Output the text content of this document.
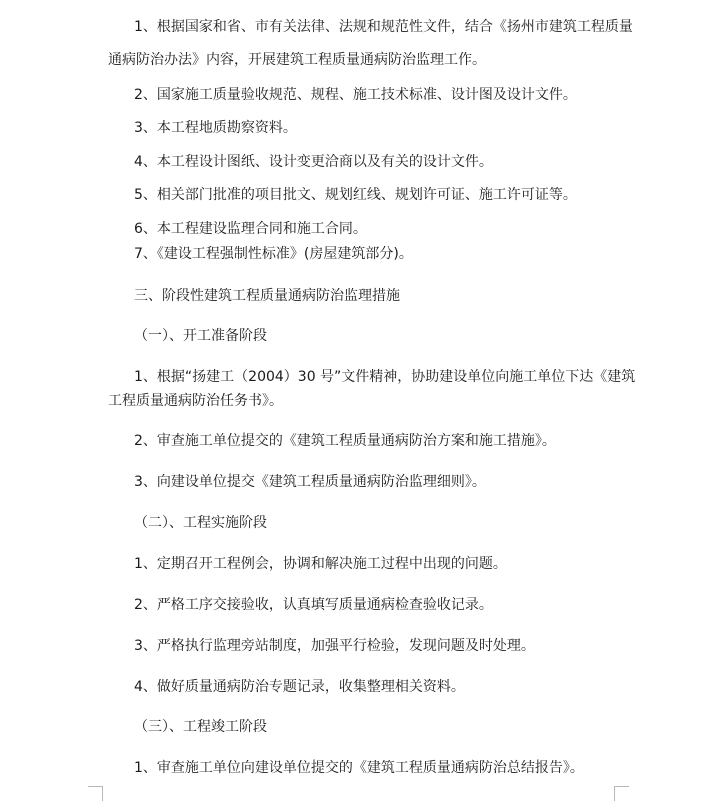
1、根据国家和省、市有关法律、法规和规范性文件，结合《扬州市建筑工程质量

通病防治办法》内容，开展建筑工程质量通病防治监理工作。

2、国家施工质量验收规范、规程、施工技术标准、设计图及设计文件。

3、本工程地质勘察资料。

4、本工程设计图纸、设计变更洽商以及有关的设计文件。

5、相关部门批准的项目批文、规划红线、规划许可证、施工许可证等。

6、本工程建设监理合同和施工合同。

7、《建设工程强制性标准》(房屋建筑部分)。

三、阶段性建筑工程质量通病防治监理措施

（一）、开工准备阶段

1、根据“扬建工（2004）30 号”文件精神，协助建设单位向施工单位下达《建筑

工程质量通病防治任务书》。

2、审查施工单位提交的《建筑工程质量通病防治方案和施工措施》。

3、向建设单位提交《建筑工程质量通病防治监理细则》。

（二）、工程实施阶段

1、定期召开工程例会，协调和解决施工过程中出现的问题。

2、严格工序交接验收，认真填写质量通病检查验收记录。

3、严格执行监理旁站制度，加强平行检验，发现问题及时处理。

4、做好质量通病防治专题记录，收集整理相关资料。

（三）、工程竣工阶段

1、审查施工单位向建设单位提交的《建筑工程质量通病防治总结报告》。
